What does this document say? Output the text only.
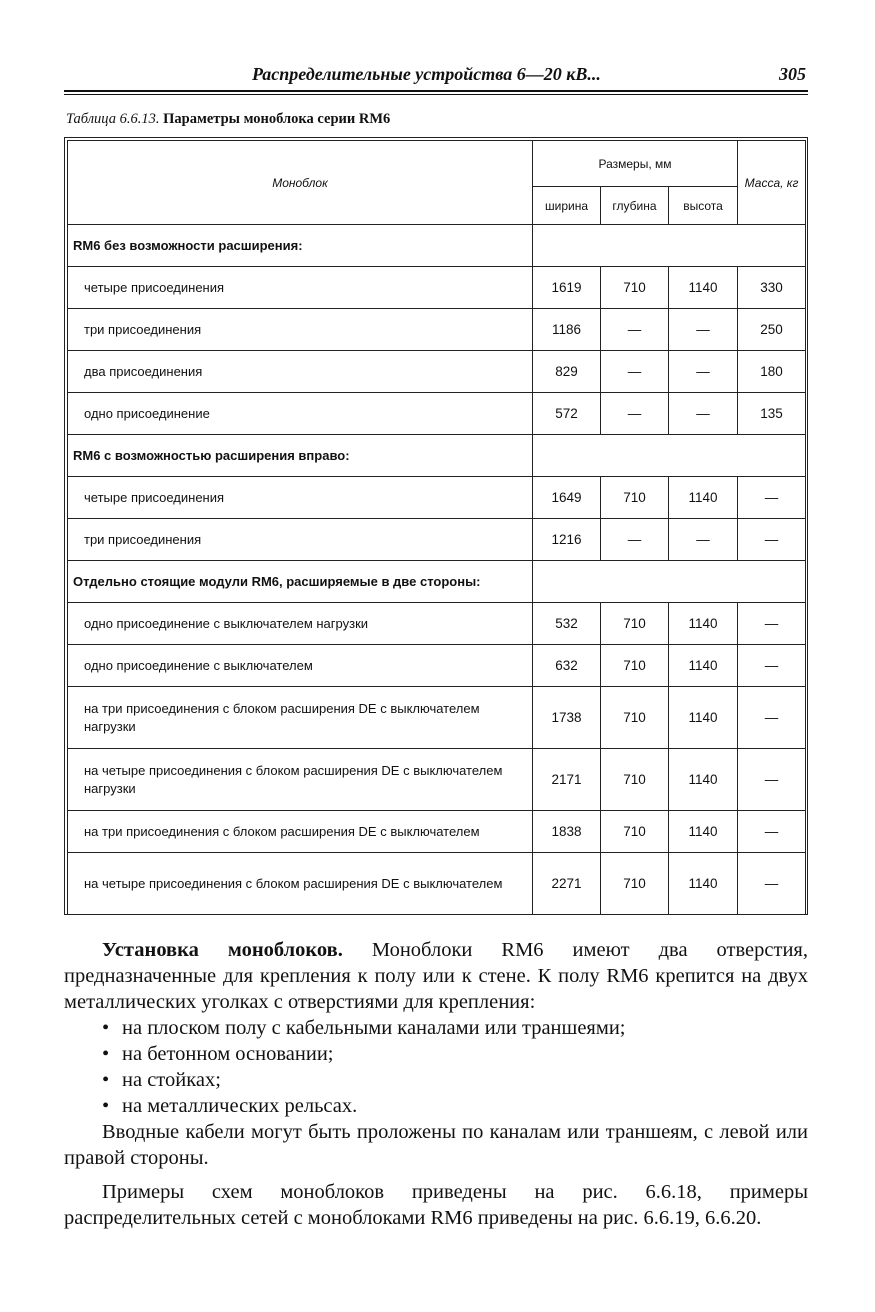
Распределительные устройства 6—20 кВ...	305
Таблица 6.6.13. Параметры моноблока серии RM6
Моноблок	Размеры, мм			Масса, кг
	ширина	глубина	высота	
RM6 без возможности расширения:				
четыре присоединения	1619	710	1140	330
три присоединения	1186	—	—	250
два присоединения	829	—	—	180
одно присоединение	572	—	—	135
RM6 с возможностью расширения вправо:				
четыре присоединения	1649	710	1140	—
три присоединения	1216	—	—	—
Отдельно стоящие модули RM6, расширяемые в две стороны:				
одно присоединение с выключателем нагрузки	532	710	1140	—
одно присоединение с выключателем	632	710	1140	—
на три присоединения с блоком расширения DE с выключателем нагрузки	1738	710	1140	—
на четыре присоединения с блоком расширения DE с выключателем нагрузки	2171	710	1140	—
на три присоединения с блоком расширения DE с выключателем	1838	710	1140	—
на четыре присоединения с блоком расширения DE с выключателем	2271	710	1140	—

Установка моноблоков. Моноблоки RM6 имеют два отверстия, предназначенные для крепления к полу или к стене. К полу RM6 крепится на двух металлических уголках с отверстиями для крепления:

• на плоском полу с кабельными каналами или траншеями;
• на бетонном основании;
• на стойках;
• на металлических рельсах.

Вводные кабели могут быть проложены по каналам или траншеям, с левой или правой стороны.

Примеры схем моноблоков приведены на рис. 6.6.18, примеры распределительных сетей с моноблоками RM6 приведены на рис. 6.6.19, 6.6.20.
